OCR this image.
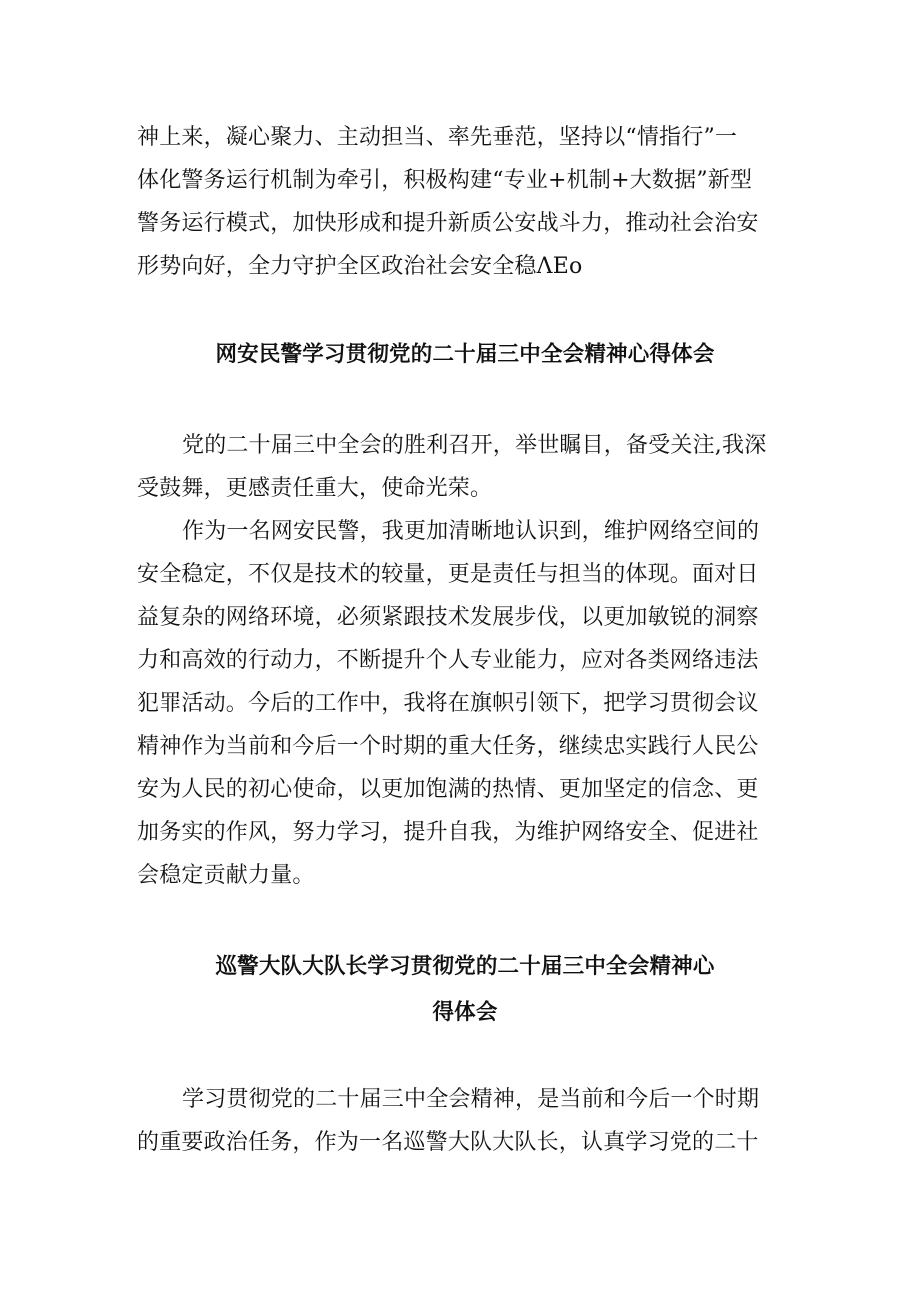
神上来，凝心聚力、主动担当、率先垂范，坚持以“情指行”一
体化警务运行机制为牵引，积极构建“专业+机制+大数据”新型
警务运行模式，加快形成和提升新质公安战斗力，推动社会治安
形势向好，全力守护全区政治社会安全稳ΛEo
网安民警学习贯彻党的二十届三中全会精神心得体会
党的二十届三中全会的胜利召开，举世瞩目，备受关注,我深
受鼓舞，更感责任重大，使命光荣。
作为一名网安民警，我更加清晰地认识到，维护网络空间的
安全稳定，不仅是技术的较量，更是责任与担当的体现。面对日
益复杂的网络环境，必须紧跟技术发展步伐，以更加敏锐的洞察
力和高效的行动力，不断提升个人专业能力，应对各类网络违法
犯罪活动。今后的工作中，我将在旗帜引领下，把学习贯彻会议
精神作为当前和今后一个时期的重大任务，继续忠实践行人民公
安为人民的初心使命，以更加饱满的热情、更加坚定的信念、更
加务实的作风，努力学习，提升自我，为维护网络安全、促进社
会稳定贡献力量。
巡警大队大队长学习贯彻党的二十届三中全会精神心
得体会
学习贯彻党的二十届三中全会精神，是当前和今后一个时期
的重要政治任务，作为一名巡警大队大队长，认真学习党的二十
